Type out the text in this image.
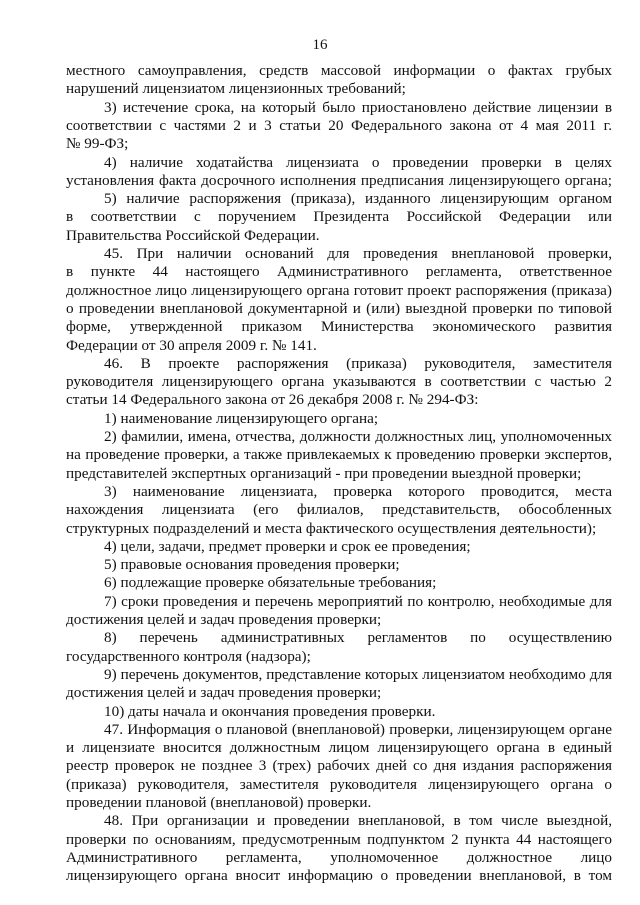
16
местного самоуправления, средств массовой информации о фактах грубых
нарушений лицензиатом лицензионных требований;
3) истечение срока, на который было приостановлено действие лицензии в
соответствии с частями 2 и 3 статьи 20 Федерального закона от 4 мая 2011 г.
№ 99-ФЗ;
4) наличие ходатайства лицензиата о проведении проверки в целях
установления факта досрочного исполнения предписания лицензирующего органа;
5) наличие распоряжения (приказа), изданного лицензирующим органом
в соответствии с поручением Президента Российской Федерации или
Правительства Российской Федерации.
45. При наличии оснований для проведения внеплановой проверки,
в пункте 44 настоящего Административного регламента, ответственное
должностное лицо лицензирующего органа готовит проект распоряжения (приказа)
о проведении внеплановой документарной и (или) выездной проверки по типовой
форме, утвержденной приказом Министерства экономического развития
Федерации от 30 апреля 2009 г. № 141.
46. В проекте распоряжения (приказа) руководителя, заместителя
руководителя лицензирующего органа указываются в соответствии с частью 2
статьи 14 Федерального закона от 26 декабря 2008 г. № 294-ФЗ:
1) наименование лицензирующего органа;
2) фамилии, имена, отчества, должности должностных лиц, уполномоченных
на проведение проверки, а также привлекаемых к проведению проверки экспертов,
представителей экспертных организаций - при проведении выездной проверки;
3) наименование лицензиата, проверка которого проводится, места
нахождения лицензиата (его филиалов, представительств, обособленных
структурных подразделений и места фактического осуществления деятельности);
4) цели, задачи, предмет проверки и срок ее проведения;
5) правовые основания проведения проверки;
6) подлежащие проверке обязательные требования;
7) сроки проведения и перечень мероприятий по контролю, необходимые для
достижения целей и задач проведения проверки;
8) перечень административных регламентов по осуществлению
государственного контроля (надзора);
9) перечень документов, представление которых лицензиатом необходимо для
достижения целей и задач проведения проверки;
10) даты начала и окончания проведения проверки.
47. Информация о плановой (внеплановой) проверки, лицензирующем органе
и лицензиате вносится должностным лицом лицензирующего органа в единый
реестр проверок не позднее 3 (трех) рабочих дней со дня издания распоряжения
(приказа) руководителя, заместителя руководителя лицензирующего органа о
проведении плановой (внеплановой) проверки.
48. При организации и проведении внеплановой, в том числе выездной,
проверки по основаниям, предусмотренным подпунктом 2 пункта 44 настоящего
Административного регламента, уполномоченное должностное лицо
лицензирующего органа вносит информацию о проведении внеплановой, в том
